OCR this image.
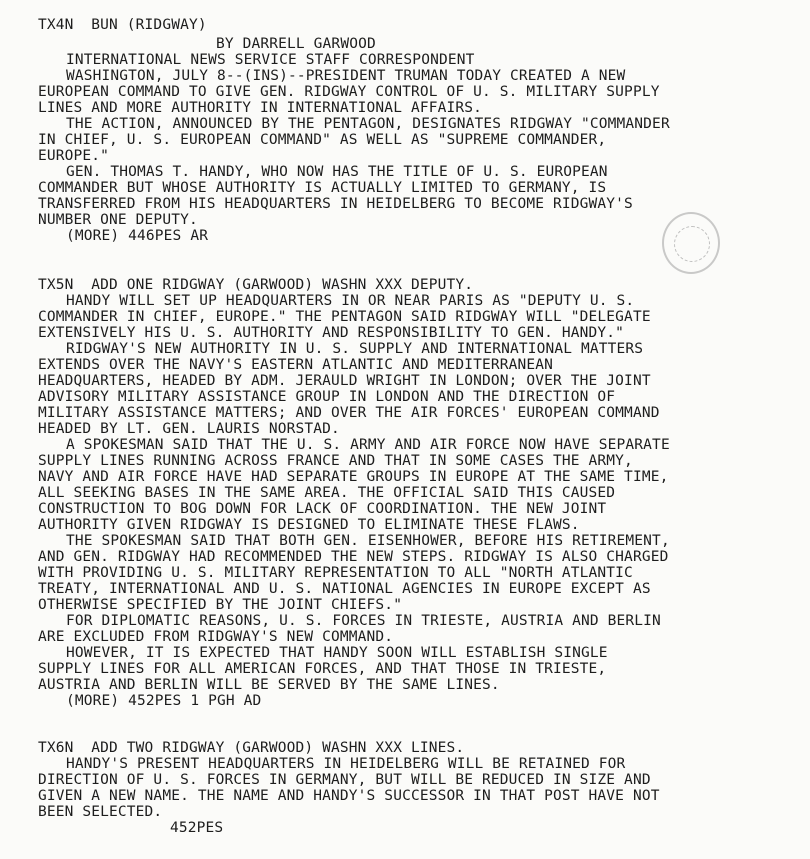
TX4N  BUN (RIDGWAY)
BY DARRELL GARWOOD
INTERNATIONAL NEWS SERVICE STAFF CORRESPONDENT
WASHINGTON, JULY 8--(INS)--PRESIDENT TRUMAN TODAY CREATED A NEW
EUROPEAN COMMAND TO GIVE GEN. RIDGWAY CONTROL OF U. S. MILITARY SUPPLY
LINES AND MORE AUTHORITY IN INTERNATIONAL AFFAIRS.
THE ACTION, ANNOUNCED BY THE PENTAGON, DESIGNATES RIDGWAY "COMMANDER
IN CHIEF, U. S. EUROPEAN COMMAND" AS WELL AS "SUPREME COMMANDER,
EUROPE."
GEN. THOMAS T. HANDY, WHO NOW HAS THE TITLE OF U. S. EUROPEAN
COMMANDER BUT WHOSE AUTHORITY IS ACTUALLY LIMITED TO GERMANY, IS
TRANSFERRED FROM HIS HEADQUARTERS IN HEIDELBERG TO BECOME RIDGWAY'S
NUMBER ONE DEPUTY.
(MORE) 446PES AR
TX5N  ADD ONE RIDGWAY (GARWOOD) WASHN XXX DEPUTY.
HANDY WILL SET UP HEADQUARTERS IN OR NEAR PARIS AS "DEPUTY U. S.
COMMANDER IN CHIEF, EUROPE." THE PENTAGON SAID RIDGWAY WILL "DELEGATE
EXTENSIVELY HIS U. S. AUTHORITY AND RESPONSIBILITY TO GEN. HANDY."
RIDGWAY'S NEW AUTHORITY IN U. S. SUPPLY AND INTERNATIONAL MATTERS
EXTENDS OVER THE NAVY'S EASTERN ATLANTIC AND MEDITERRANEAN
HEADQUARTERS, HEADED BY ADM. JERAULD WRIGHT IN LONDON; OVER THE JOINT
ADVISORY MILITARY ASSISTANCE GROUP IN LONDON AND THE DIRECTION OF
MILITARY ASSISTANCE MATTERS; AND OVER THE AIR FORCES' EUROPEAN COMMAND
HEADED BY LT. GEN. LAURIS NORSTAD.
A SPOKESMAN SAID THAT THE U. S. ARMY AND AIR FORCE NOW HAVE SEPARATE
SUPPLY LINES RUNNING ACROSS FRANCE AND THAT IN SOME CASES THE ARMY,
NAVY AND AIR FORCE HAVE HAD SEPARATE GROUPS IN EUROPE AT THE SAME TIME,
ALL SEEKING BASES IN THE SAME AREA. THE OFFICIAL SAID THIS CAUSED
CONSTRUCTION TO BOG DOWN FOR LACK OF COORDINATION. THE NEW JOINT
AUTHORITY GIVEN RIDGWAY IS DESIGNED TO ELIMINATE THESE FLAWS.
THE SPOKESMAN SAID THAT BOTH GEN. EISENHOWER, BEFORE HIS RETIREMENT,
AND GEN. RIDGWAY HAD RECOMMENDED THE NEW STEPS. RIDGWAY IS ALSO CHARGED
WITH PROVIDING U. S. MILITARY REPRESENTATION TO ALL "NORTH ATLANTIC
TREATY, INTERNATIONAL AND U. S. NATIONAL AGENCIES IN EUROPE EXCEPT AS
OTHERWISE SPECIFIED BY THE JOINT CHIEFS."
FOR DIPLOMATIC REASONS, U. S. FORCES IN TRIESTE, AUSTRIA AND BERLIN
ARE EXCLUDED FROM RIDGWAY'S NEW COMMAND.
HOWEVER, IT IS EXPECTED THAT HANDY SOON WILL ESTABLISH SINGLE
SUPPLY LINES FOR ALL AMERICAN FORCES, AND THAT THOSE IN TRIESTE,
AUSTRIA AND BERLIN WILL BE SERVED BY THE SAME LINES.
(MORE) 452PES 1 PGH AD
TX6N  ADD TWO RIDGWAY (GARWOOD) WASHN XXX LINES.
HANDY'S PRESENT HEADQUARTERS IN HEIDELBERG WILL BE RETAINED FOR
DIRECTION OF U. S. FORCES IN GERMANY, BUT WILL BE REDUCED IN SIZE AND
GIVEN A NEW NAME. THE NAME AND HANDY'S SUCCESSOR IN THAT POST HAVE NOT
BEEN SELECTED.
452PES
